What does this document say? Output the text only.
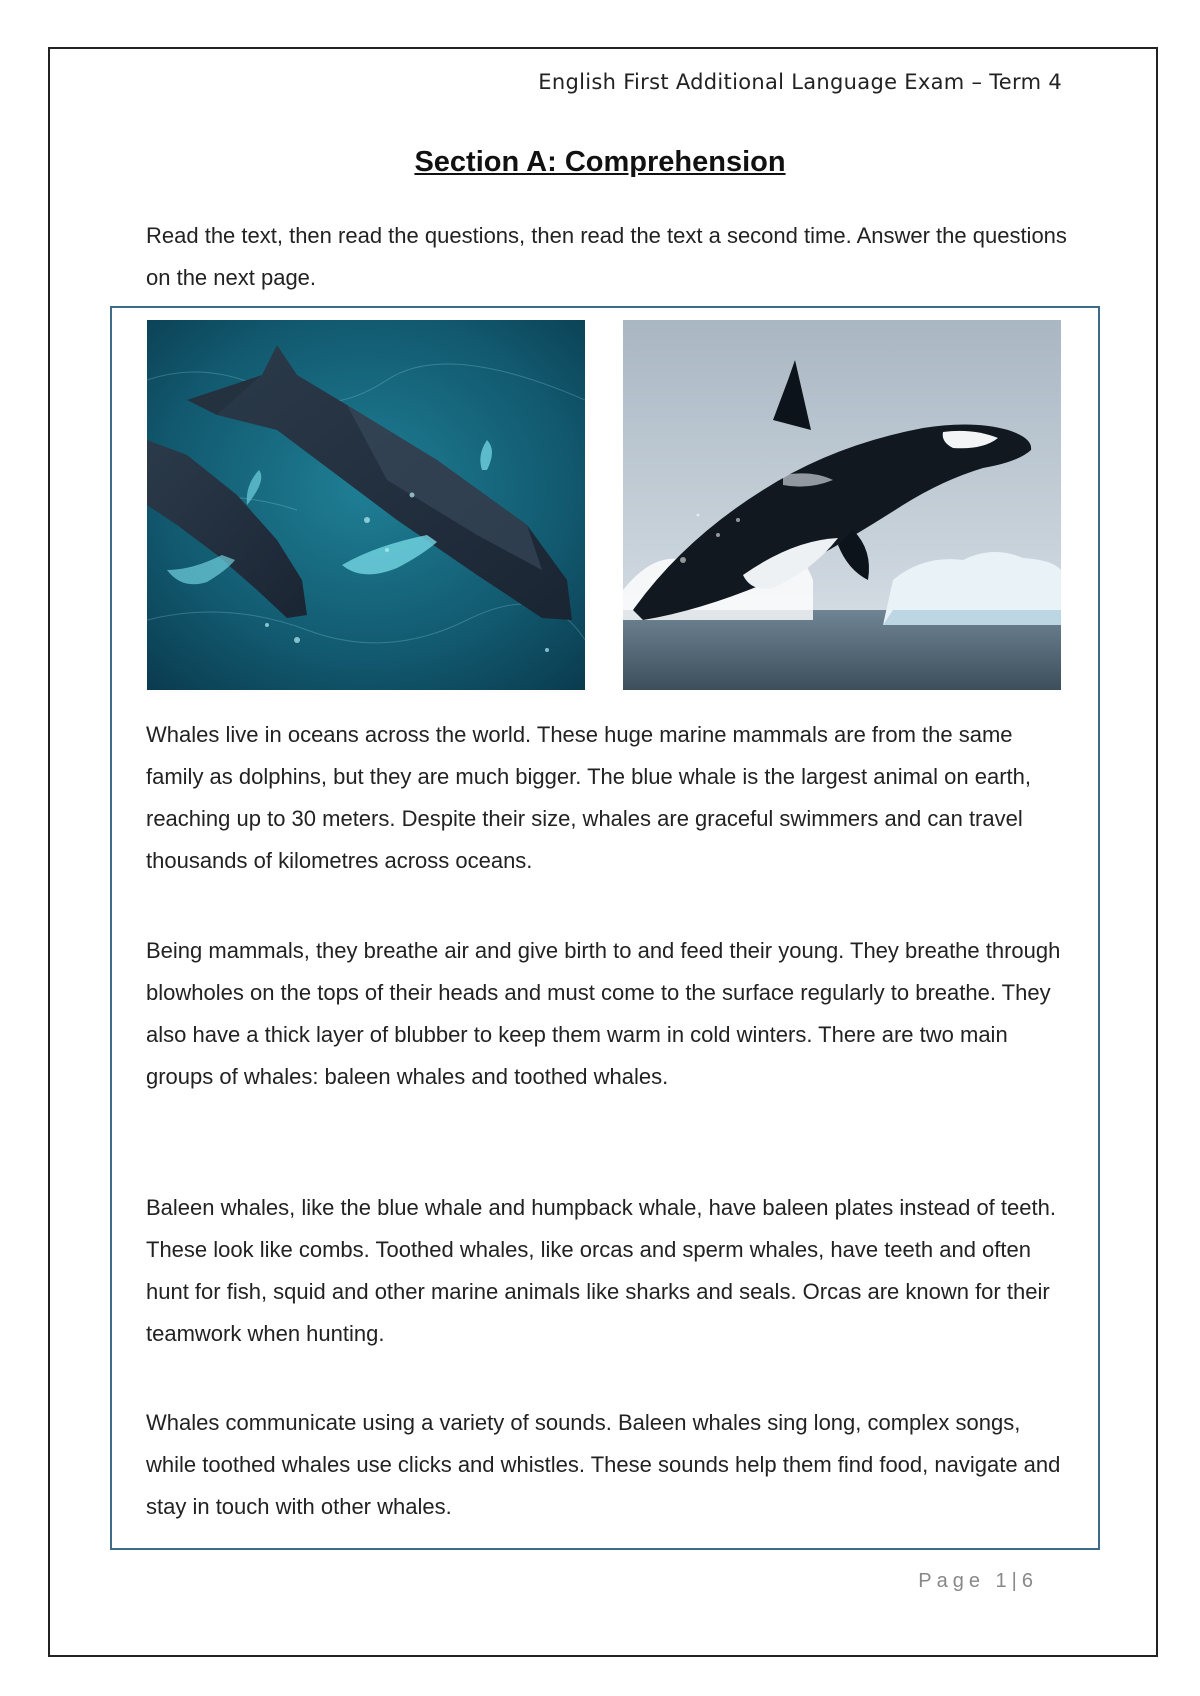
English First Additional Language Exam – Term 4
Section A: Comprehension
Read the text, then read the questions, then read the text a second time. Answer the questions on the next page.
Whales live in oceans across the world. These huge marine mammals are from the same family as dolphins, but they are much bigger. The blue whale is the largest animal on earth, reaching up to 30 meters. Despite their size, whales are graceful swimmers and can travel thousands of kilometres across oceans.
Being mammals, they breathe air and give birth to and feed their young. They breathe through blowholes on the tops of their heads and must come to the surface regularly to breathe. They also have a thick layer of blubber to keep them warm in cold winters. There are two main groups of whales: baleen whales and toothed whales.
Baleen whales, like the blue whale and humpback whale, have baleen plates instead of teeth. These look like combs. Toothed whales, like orcas and sperm whales, have teeth and often hunt for fish, squid and other marine animals like sharks and seals. Orcas are known for their teamwork when hunting.
Whales communicate using a variety of sounds. Baleen whales sing long, complex songs, while toothed whales use clicks and whistles. These sounds help them find food, navigate and stay in touch with other whales.
Page 1|6
